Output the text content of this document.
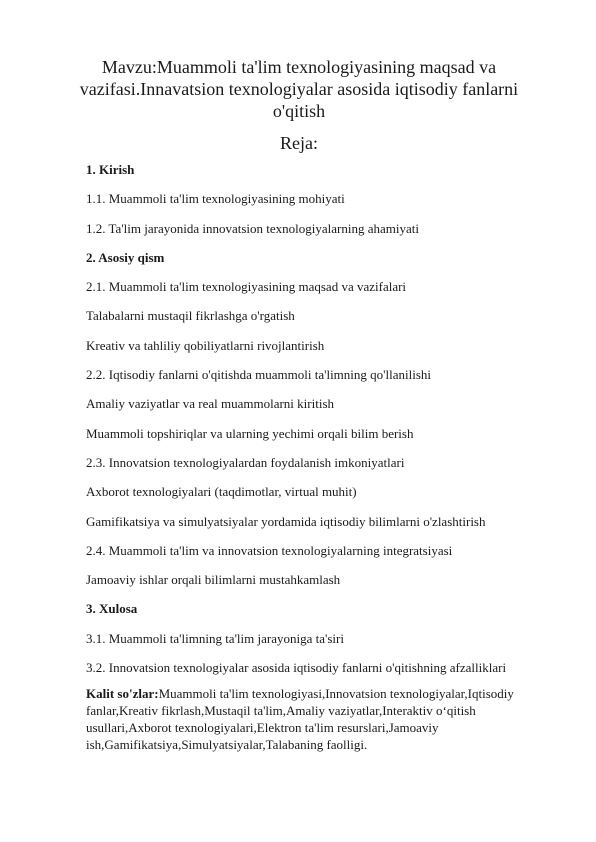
Mavzu:Muammoli ta'lim texnologiyasining maqsad va vazifasi.Innavatsion texnologiyalar asosida iqtisodiy fanlarni o'qitish
Reja:
1. Kirish
1.1. Muammoli ta'lim texnologiyasining mohiyati
1.2. Ta'lim jarayonida innovatsion texnologiyalarning ahamiyati
2. Asosiy qism
2.1. Muammoli ta'lim texnologiyasining maqsad va vazifalari
Talabalarni mustaqil fikrlashga o'rgatish
Kreativ va tahliliy qobiliyatlarni rivojlantirish
2.2. Iqtisodiy fanlarni o'qitishda muammoli ta'limning qo'llanilishi
Amaliy vaziyatlar va real muammolarni kiritish
Muammoli topshiriqlar va ularning yechimi orqali bilim berish
2.3. Innovatsion texnologiyalardan foydalanish imkoniyatlari
Axborot texnologiyalari (taqdimotlar, virtual muhit)
Gamifikatsiya va simulyatsiyalar yordamida iqtisodiy bilimlarni o'zlashtirish
2.4. Muammoli ta'lim va innovatsion texnologiyalarning integratsiyasi
Jamoaviy ishlar orqali bilimlarni mustahkamlash
3. Xulosa
3.1. Muammoli ta'limning ta'lim jarayoniga ta'siri
3.2. Innovatsion texnologiyalar asosida iqtisodiy fanlarni o'qitishning afzalliklari
Kalit so'zlar:Muammoli ta'lim texnologiyasi,Innovatsion texnologiyalar,Iqtisodiy fanlar,Kreativ fikrlash,Mustaqil ta'lim,Amaliy vaziyatlar,Interaktiv o‘qitish usullari,Axborot texnologiyalari,Elektron ta'lim resurslari,Jamoaviy ish,Gamifikatsiya,Simulyatsiyalar,Talabaning faolligi.
